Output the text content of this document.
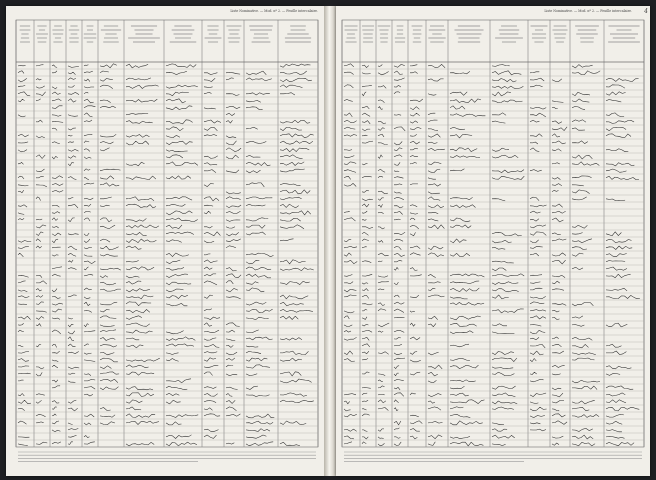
Liste Nominative. — Mod. nº 2. — Feuille intercalaire.	Liste Nominative. — Mod. nº 2. — Feuille intercalaire. 4
